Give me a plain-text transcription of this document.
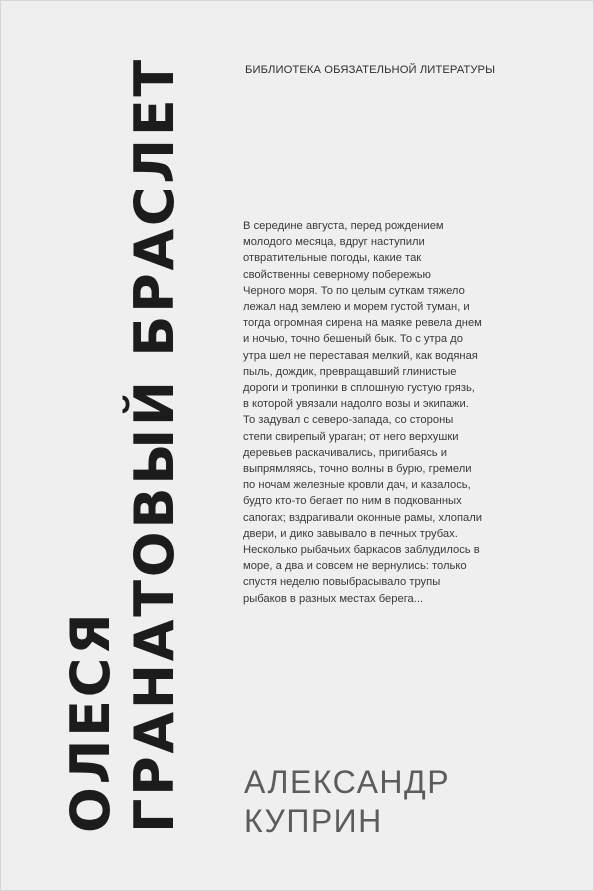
БИБЛИОТЕКА ОБЯЗАТЕЛЬНОЙ ЛИТЕРАТУРЫ
ОЛЕСЯ ГРАНАТОВЫЙ БРАСЛЕТ	В середине августа, перед рождением
молодого месяца, вдруг наступили
отвратительные погоды, какие так
свойственны северному побережью
Черного моря. То по целым суткам тяжело
лежал над землею и морем густой туман, и
тогда огромная сирена на маяке ревела днем
и ночью, точно бешеный бык. То с утра до
утра шел не переставая мелкий, как водяная
пыль, дождик, превращавший глинистые
дороги и тропинки в сплошную густую грязь,
в которой увязали надолго возы и экипажи.
То задувал с северо-запада, со стороны
степи свирепый ураган; от него верхушки
деревьев раскачивались, пригибаясь и
выпрямляясь, точно волны в бурю, гремели
по ночам железные кровли дач, и казалось,
будто кто-то бегает по ним в подкованных
сапогах; вздрагивали оконные рамы, хлопали
двери, и дико завывало в печных трубах.
Несколько рыбачьих баркасов заблудилось в
море, а два и совсем не вернулись: только
спустя неделю повыбрасывало трупы
рыбаков в разных местах берега...
АЛЕКСАНДР
КУПРИН
